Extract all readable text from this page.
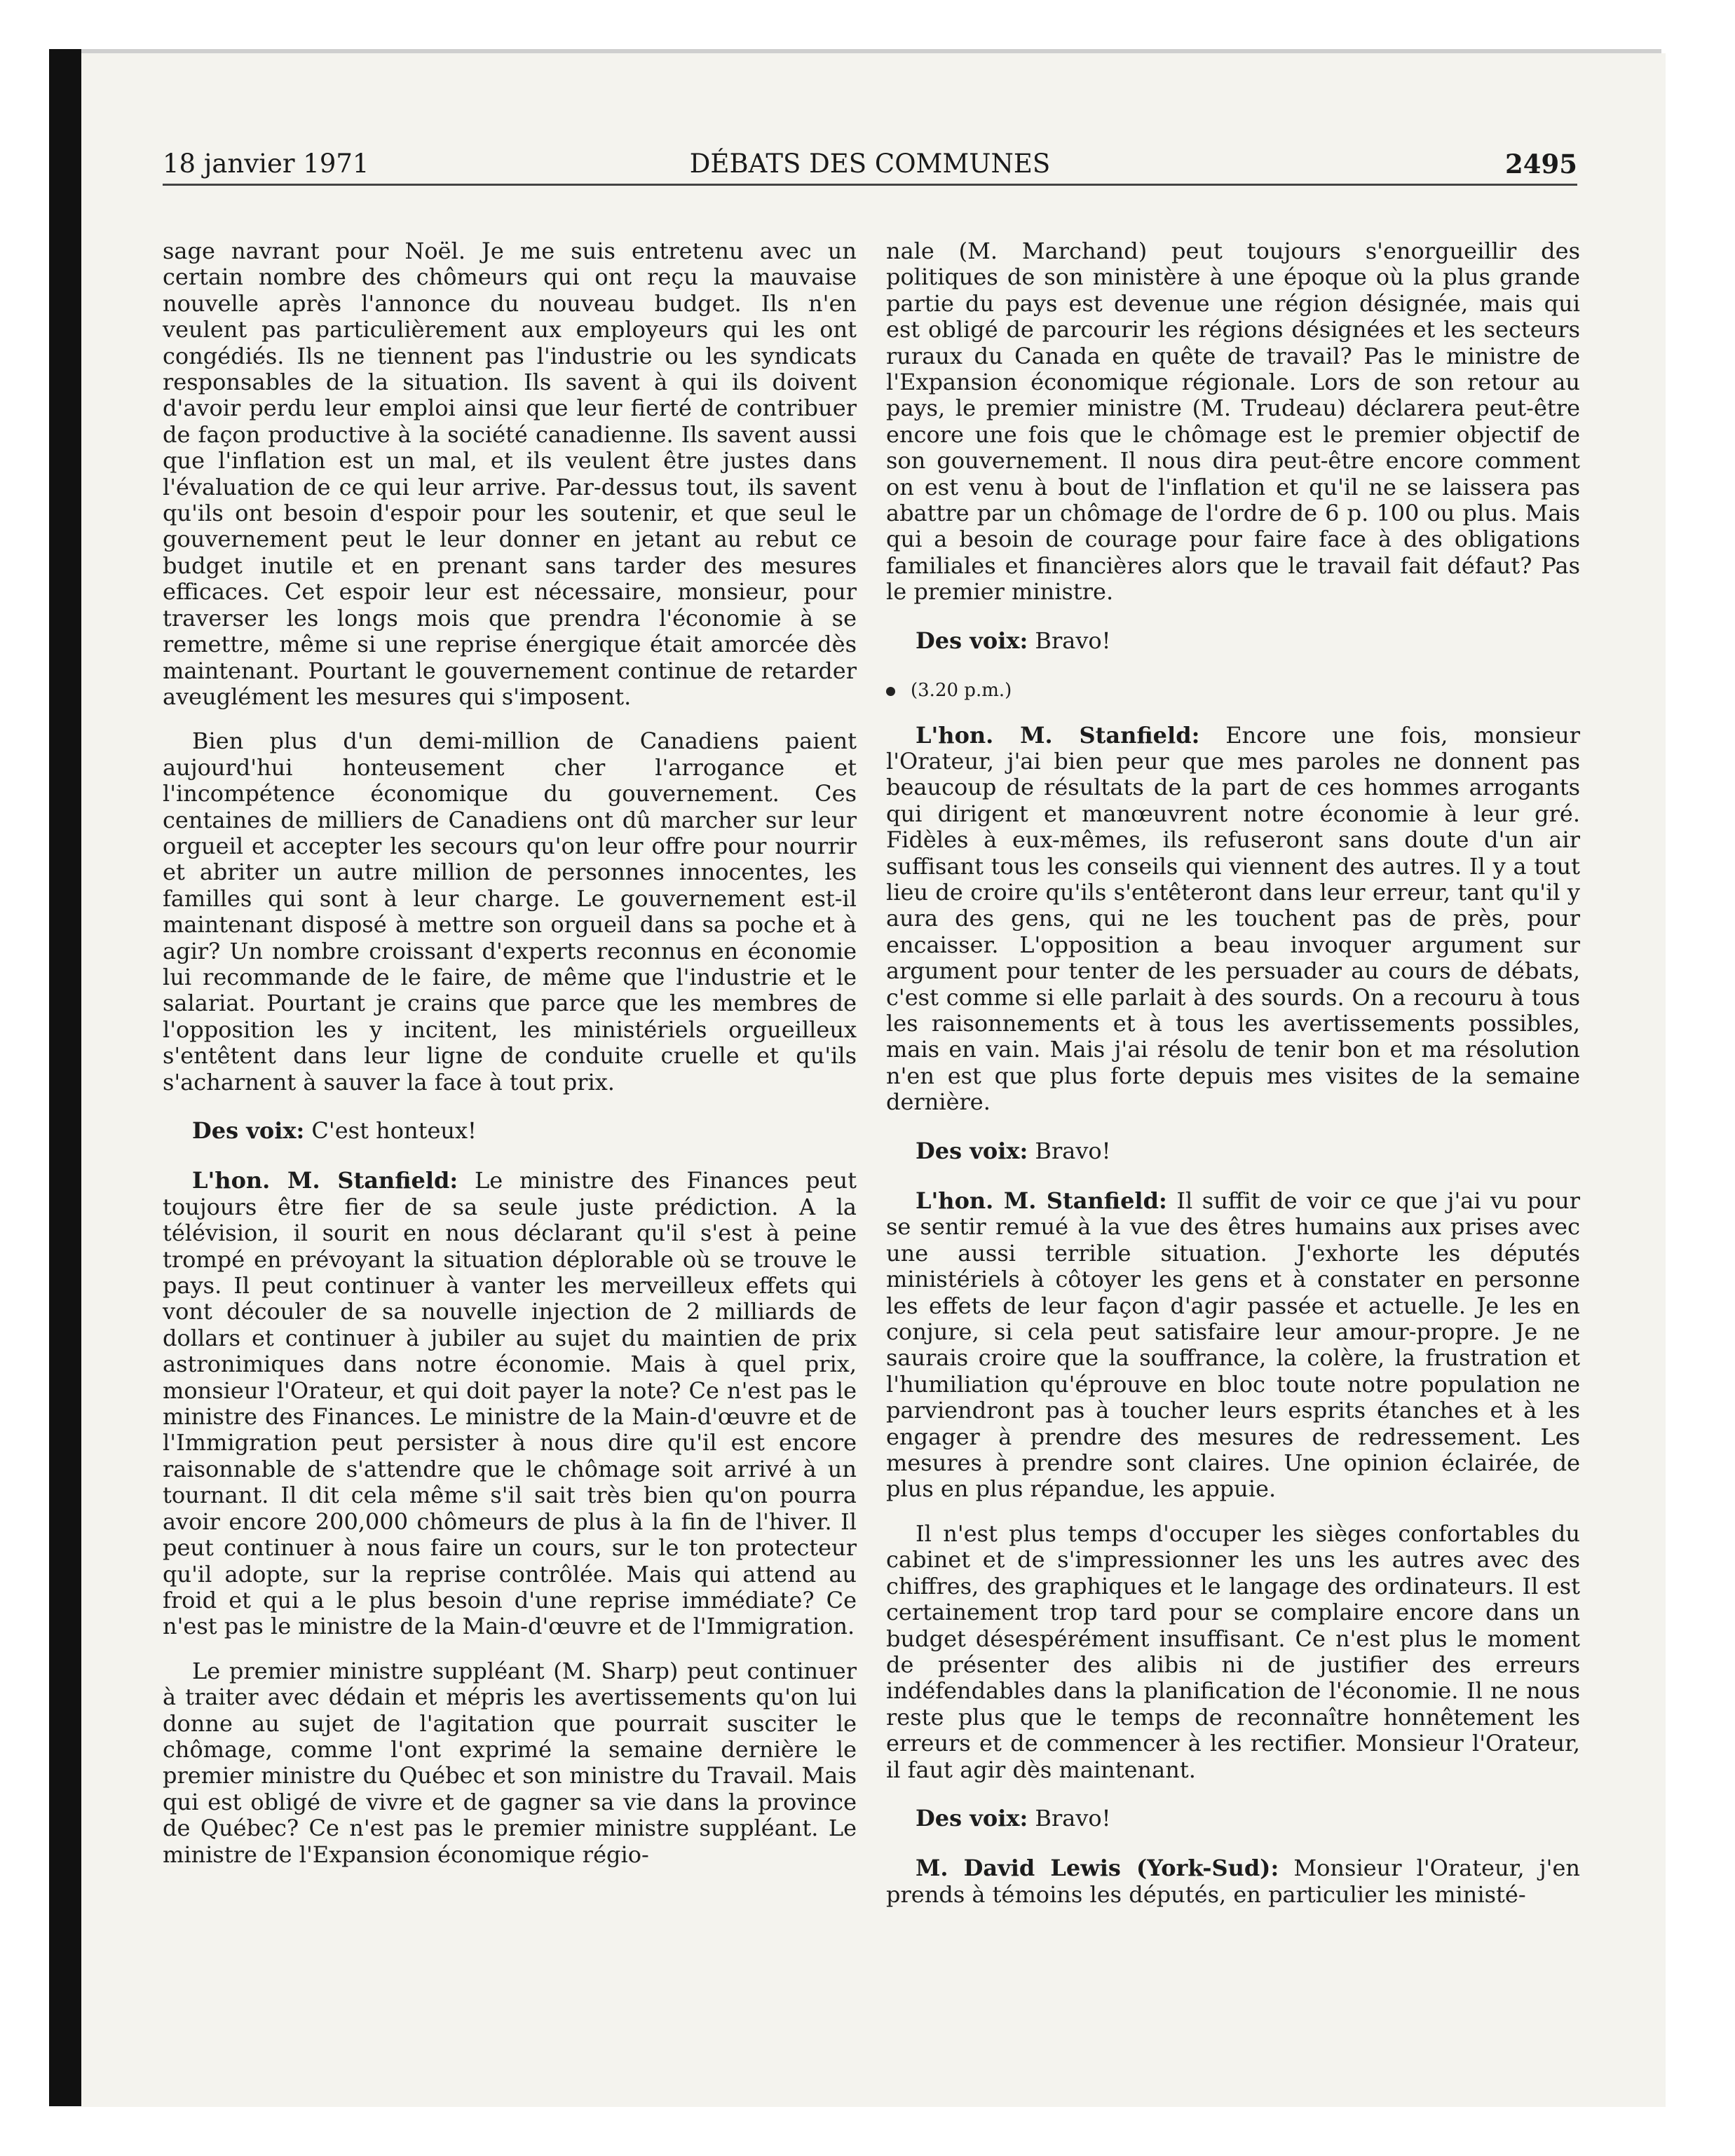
18 janvier 1971	DÉBATS DES COMMUNES	2495

sage navrant pour Noël. Je me suis entretenu avec un certain nombre des chômeurs qui ont reçu la mauvaise nouvelle après l'annonce du nouveau budget. Ils n'en veulent pas particulièrement aux employeurs qui les ont congédiés. Ils ne tiennent pas l'industrie ou les syndicats responsables de la situation. Ils savent à qui ils doivent d'avoir perdu leur emploi ainsi que leur fierté de contribuer de façon productive à la société canadienne. Ils savent aussi que l'inflation est un mal, et ils veulent être justes dans l'évaluation de ce qui leur arrive. Par-dessus tout, ils savent qu'ils ont besoin d'espoir pour les soutenir, et que seul le gouvernement peut le leur donner en jetant au rebut ce budget inutile et en prenant sans tarder des mesures efficaces. Cet espoir leur est nécessaire, monsieur, pour traverser les longs mois que prendra l'économie à se remettre, même si une reprise énergique était amorcée dès maintenant. Pourtant le gouvernement continue de retarder aveuglément les mesures qui s'imposent.

Bien plus d'un demi-million de Canadiens paient aujourd'hui honteusement cher l'arrogance et l'incompétence économique du gouvernement. Ces centaines de milliers de Canadiens ont dû marcher sur leur orgueil et accepter les secours qu'on leur offre pour nourrir et abriter un autre million de personnes innocentes, les familles qui sont à leur charge. Le gouvernement est-il maintenant disposé à mettre son orgueil dans sa poche et à agir? Un nombre croissant d'experts reconnus en économie lui recommande de le faire, de même que l'industrie et le salariat. Pourtant je crains que parce que les membres de l'opposition les y incitent, les ministériels orgueilleux s'entêtent dans leur ligne de conduite cruelle et qu'ils s'acharnent à sauver la face à tout prix.

Des voix: C'est honteux!

L'hon. M. Stanfield: Le ministre des Finances peut toujours être fier de sa seule juste prédiction. A la télévision, il sourit en nous déclarant qu'il s'est à peine trompé en prévoyant la situation déplorable où se trouve le pays. Il peut continuer à vanter les merveilleux effets qui vont découler de sa nouvelle injection de 2 milliards de dollars et continuer à jubiler au sujet du maintien de prix astronimiques dans notre économie. Mais à quel prix, monsieur l'Orateur, et qui doit payer la note? Ce n'est pas le ministre des Finances. Le ministre de la Main-d'œuvre et de l'Immigration peut persister à nous dire qu'il est encore raisonnable de s'attendre que le chômage soit arrivé à un tournant. Il dit cela même s'il sait très bien qu'on pourra avoir encore 200,000 chômeurs de plus à la fin de l'hiver. Il peut continuer à nous faire un cours, sur le ton protecteur qu'il adopte, sur la reprise contrôlée. Mais qui attend au froid et qui a le plus besoin d'une reprise immédiate? Ce n'est pas le ministre de la Main-d'œuvre et de l'Immigration.

Le premier ministre suppléant (M. Sharp) peut continuer à traiter avec dédain et mépris les avertissements qu'on lui donne au sujet de l'agitation que pourrait susciter le chômage, comme l'ont exprimé la semaine dernière le premier ministre du Québec et son ministre du Travail. Mais qui est obligé de vivre et de gagner sa vie dans la province de Québec? Ce n'est pas le premier ministre suppléant. Le ministre de l'Expansion économique régio-

nale (M. Marchand) peut toujours s'enorgueillir des politiques de son ministère à une époque où la plus grande partie du pays est devenue une région désignée, mais qui est obligé de parcourir les régions désignées et les secteurs ruraux du Canada en quête de travail? Pas le ministre de l'Expansion économique régionale. Lors de son retour au pays, le premier ministre (M. Trudeau) déclarera peut-être encore une fois que le chômage est le premier objectif de son gouvernement. Il nous dira peut-être encore comment on est venu à bout de l'inflation et qu'il ne se laissera pas abattre par un chômage de l'ordre de 6 p. 100 ou plus. Mais qui a besoin de courage pour faire face à des obligations familiales et financières alors que le travail fait défaut? Pas le premier ministre.

Des voix: Bravo!

(3.20 p.m.)

L'hon. M. Stanfield: Encore une fois, monsieur l'Orateur, j'ai bien peur que mes paroles ne donnent pas beaucoup de résultats de la part de ces hommes arrogants qui dirigent et manœuvrent notre économie à leur gré. Fidèles à eux-mêmes, ils refuseront sans doute d'un air suffisant tous les conseils qui viennent des autres. Il y a tout lieu de croire qu'ils s'entêteront dans leur erreur, tant qu'il y aura des gens, qui ne les touchent pas de près, pour encaisser. L'opposition a beau invoquer argument sur argument pour tenter de les persuader au cours de débats, c'est comme si elle parlait à des sourds. On a recouru à tous les raisonnements et à tous les avertissements possibles, mais en vain. Mais j'ai résolu de tenir bon et ma résolution n'en est que plus forte depuis mes visites de la semaine dernière.

Des voix: Bravo!

L'hon. M. Stanfield: Il suffit de voir ce que j'ai vu pour se sentir remué à la vue des êtres humains aux prises avec une aussi terrible situation. J'exhorte les députés ministériels à côtoyer les gens et à constater en personne les effets de leur façon d'agir passée et actuelle. Je les en conjure, si cela peut satisfaire leur amour-propre. Je ne saurais croire que la souffrance, la colère, la frustration et l'humiliation qu'éprouve en bloc toute notre population ne parviendront pas à toucher leurs esprits étanches et à les engager à prendre des mesures de redressement. Les mesures à prendre sont claires. Une opinion éclairée, de plus en plus répandue, les appuie.

Il n'est plus temps d'occuper les sièges confortables du cabinet et de s'impressionner les uns les autres avec des chiffres, des graphiques et le langage des ordinateurs. Il est certainement trop tard pour se complaire encore dans un budget désespérément insuffisant. Ce n'est plus le moment de présenter des alibis ni de justifier des erreurs indéfendables dans la planification de l'économie. Il ne nous reste plus que le temps de reconnaître honnêtement les erreurs et de commencer à les rectifier. Monsieur l'Orateur, il faut agir dès maintenant.

Des voix: Bravo!

M. David Lewis (York-Sud): Monsieur l'Orateur, j'en prends à témoins les députés, en particulier les ministé-
